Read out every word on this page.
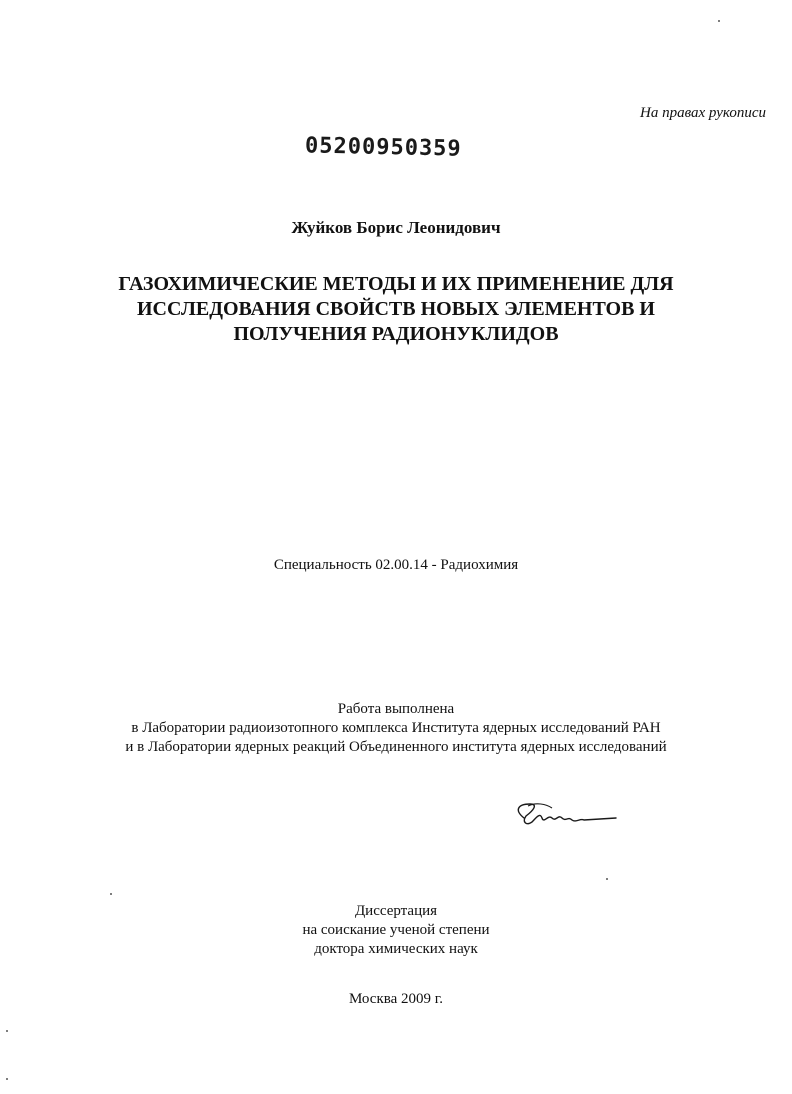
На правах рукописи
05200950359
Жуйков Борис Леонидович
ГАЗОХИМИЧЕСКИЕ МЕТОДЫ И ИХ ПРИМЕНЕНИЕ ДЛЯ
ИССЛЕДОВАНИЯ СВОЙСТВ НОВЫХ ЭЛЕМЕНТОВ И
ПОЛУЧЕНИЯ РАДИОНУКЛИДОВ
Специальность 02.00.14 - Радиохимия
Работа выполнена
в Лаборатории радиоизотопного комплекса Института ядерных исследований РАН
и в Лаборатории ядерных реакций Объединенного института ядерных исследований
Диссертация
на соискание ученой степени
доктора химических наук
Москва 2009 г.
